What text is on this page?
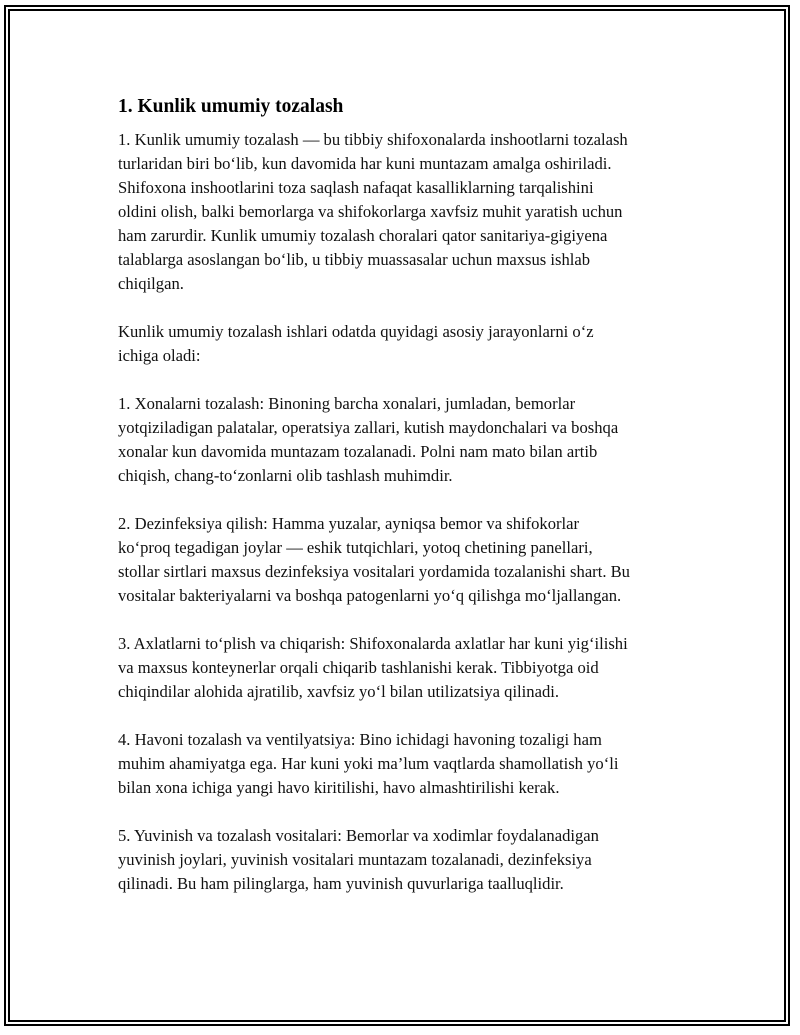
1. Kunlik umumiy tozalash
1. Kunlik umumiy tozalash — bu tibbiy shifoxonalarda inshootlarni tozalash
turlaridan biri bo‘lib, kun davomida har kuni muntazam amalga oshiriladi.
Shifoxona inshootlarini toza saqlash nafaqat kasalliklarning tarqalishini
oldini olish, balki bemorlarga va shifokorlarga xavfsiz muhit yaratish uchun
ham zarurdir. Kunlik umumiy tozalash choralari qator sanitariya-gigiyena
talablarga asoslangan bo‘lib, u tibbiy muassasalar uchun maxsus ishlab
chiqilgan.
Kunlik umumiy tozalash ishlari odatda quyidagi asosiy jarayonlarni o‘z
ichiga oladi:
1. Xonalarni tozalash: Binoning barcha xonalari, jumladan, bemorlar
yotqiziladigan palatalar, operatsiya zallari, kutish maydonchalari va boshqa
xonalar kun davomida muntazam tozalanadi. Polni nam mato bilan artib
chiqish, chang-to‘zonlarni olib tashlash muhimdir.
2. Dezinfeksiya qilish: Hamma yuzalar, ayniqsa bemor va shifokorlar
ko‘proq tegadigan joylar — eshik tutqichlari, yotoq chetining panellari,
stollar sirtlari maxsus dezinfeksiya vositalari yordamida tozalanishi shart. Bu
vositalar bakteriyalarni va boshqa patogenlarni yo‘q qilishga mo‘ljallangan.
3. Axlatlarni to‘plish va chiqarish: Shifoxonalarda axlatlar har kuni yig‘ilishi
va maxsus konteynerlar orqali chiqarib tashlanishi kerak. Tibbiyotga oid
chiqindilar alohida ajratilib, xavfsiz yo‘l bilan utilizatsiya qilinadi.
4. Havoni tozalash va ventilyatsiya: Bino ichidagi havoning tozaligi ham
muhim ahamiyatga ega. Har kuni yoki ma’lum vaqtlarda shamollatish yo‘li
bilan xona ichiga yangi havo kiritilishi, havo almashtirilishi kerak.
5. Yuvinish va tozalash vositalari: Bemorlar va xodimlar foydalanadigan
yuvinish joylari, yuvinish vositalari muntazam tozalanadi, dezinfeksiya
qilinadi. Bu ham pilinglarga, ham yuvinish quvurlariga taalluqlidir.
